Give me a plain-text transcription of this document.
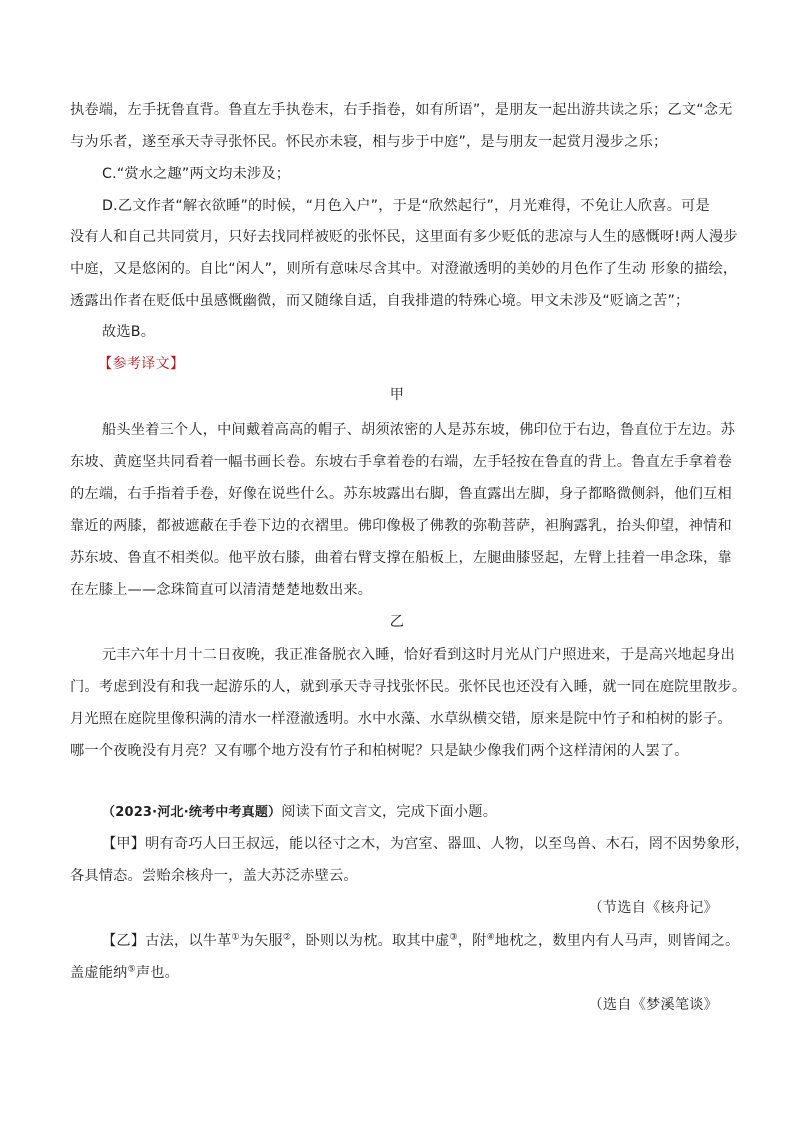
执卷端，左手抚鲁直背。鲁直左手执卷末，右手指卷，如有所语”，是朋友一起出游共读之乐；乙文“念无
与为乐者，遂至承天寺寻张怀民。怀民亦未寝，相与步于中庭”，是与朋友一起赏月漫步之乐；
C.“赏水之趣”两文均未涉及；
D.乙文作者“解衣欲睡”的时候，“月色入户”，于是“欣然起行”，月光难得，不免让人欣喜。可是
没有人和自己共同赏月，只好去找同样被贬的张怀民，这里面有多少贬低的悲凉与人生的感慨呀!两人漫步
中庭，又是悠闲的。自比“闲人”，则所有意味尽含其中。对澄澈透明的美妙的月色作了生动 形象的描绘，
透露出作者在贬低中虽感慨幽微，而又随缘自适，自我排遣的特殊心境。甲文未涉及“贬谪之苦”；
故选B。
【参考译文】
甲
船头坐着三个人，中间戴着高高的帽子、胡须浓密的人是苏东坡，佛印位于右边，鲁直位于左边。苏
东坡、黄庭坚共同看着一幅书画长卷。东坡右手拿着卷的右端，左手轻按在鲁直的背上。鲁直左手拿着卷
的左端，右手指着手卷，好像在说些什么。苏东坡露出右脚，鲁直露出左脚，身子都略微侧斜，他们互相
靠近的两膝，都被遮蔽在手卷下边的衣褶里。佛印像极了佛教的弥勒菩萨，袒胸露乳，抬头仰望，神情和
苏东坡、鲁直不相类似。他平放右膝，曲着右臂支撑在船板上，左腿曲膝竖起，左臂上挂着一串念珠，靠
在左膝上——念珠简直可以清清楚楚地数出来。
乙
元丰六年十月十二日夜晚，我正准备脱衣入睡，恰好看到这时月光从门户照进来，于是高兴地起身出
门。考虑到没有和我一起游乐的人，就到承天寺寻找张怀民。张怀民也还没有入睡，就一同在庭院里散步。
月光照在庭院里像积满的清水一样澄澈透明。水中水藻、水草纵横交错，原来是院中竹子和柏树的影子。
哪一个夜晚没有月亮？又有哪个地方没有竹子和柏树呢？只是缺少像我们两个这样清闲的人罢了。
（2023·河北·统考中考真题）阅读下面文言文，完成下面小题。
【甲】明有奇巧人曰王叔远，能以径寸之木，为宫室、器皿、人物，以至鸟兽、木石，罔不因势象形，
各具情态。尝贻余核舟一，盖大苏泛赤壁云。
（节选自《核舟记》
【乙】古法，以牛革①为矢服②，卧则以为枕。取其中虚③，附④地枕之，数里内有人马声，则皆闻之。
盖虚能纳⑤声也。
（选自《梦溪笔谈》
